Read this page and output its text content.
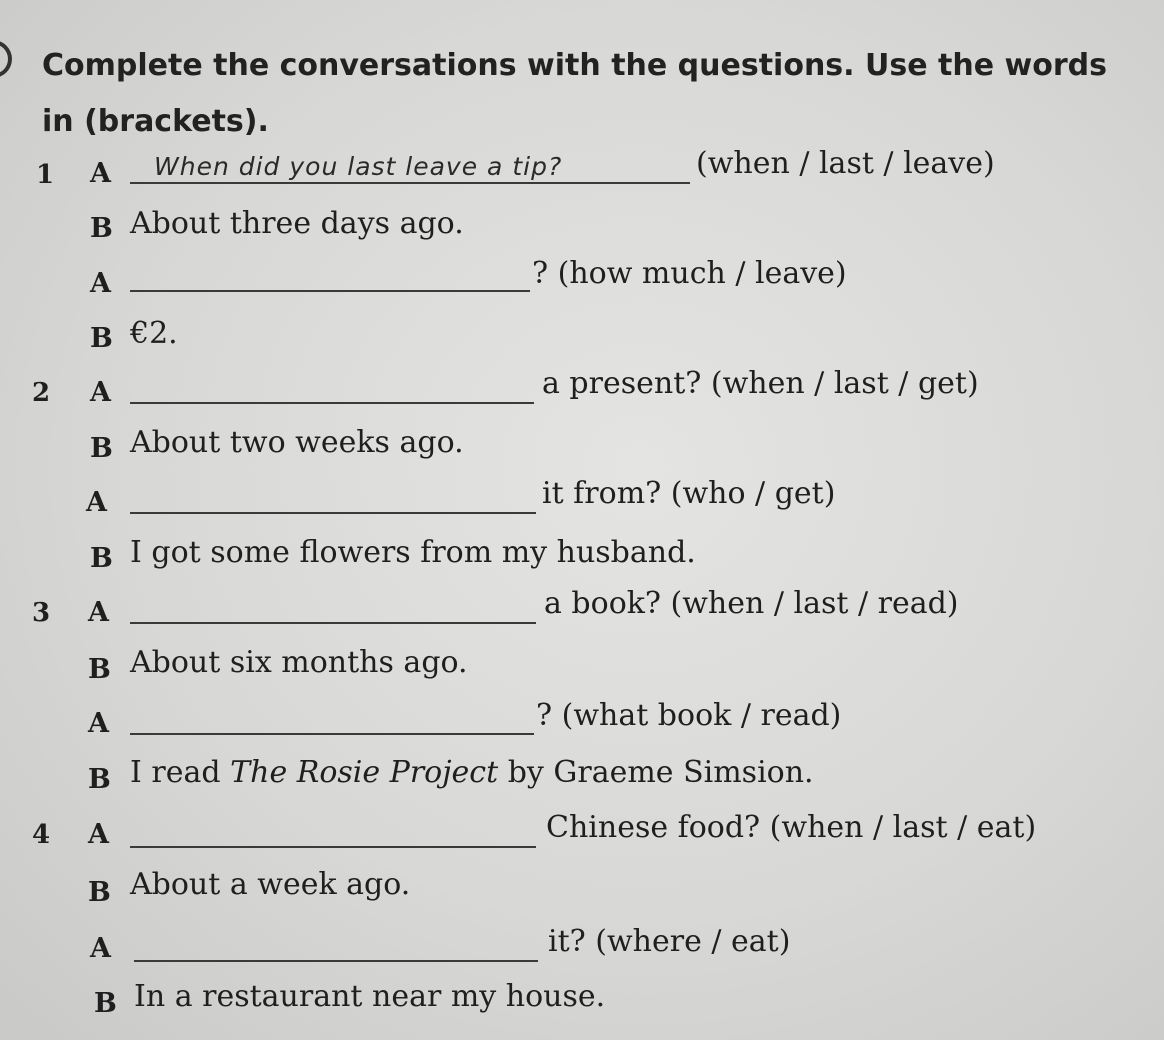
Complete the conversations with the questions. Use the words in (brackets).
1 A When did you last leave a tip?	(when / last / leave)
B About three days ago.
A	? (how much / leave)
B €2.
2 A	a present? (when / last / get)
B About two weeks ago.
A	it from? (who / get)
B I got some flowers from my husband.
3 A	a book? (when / last / read)
B About six months ago.
A	? (what book / read)
B I read The Rosie Project by Graeme Simsion.
4 A	Chinese food? (when / last / eat)
B About a week ago.
A	it? (where / eat)
B In a restaurant near my house.
